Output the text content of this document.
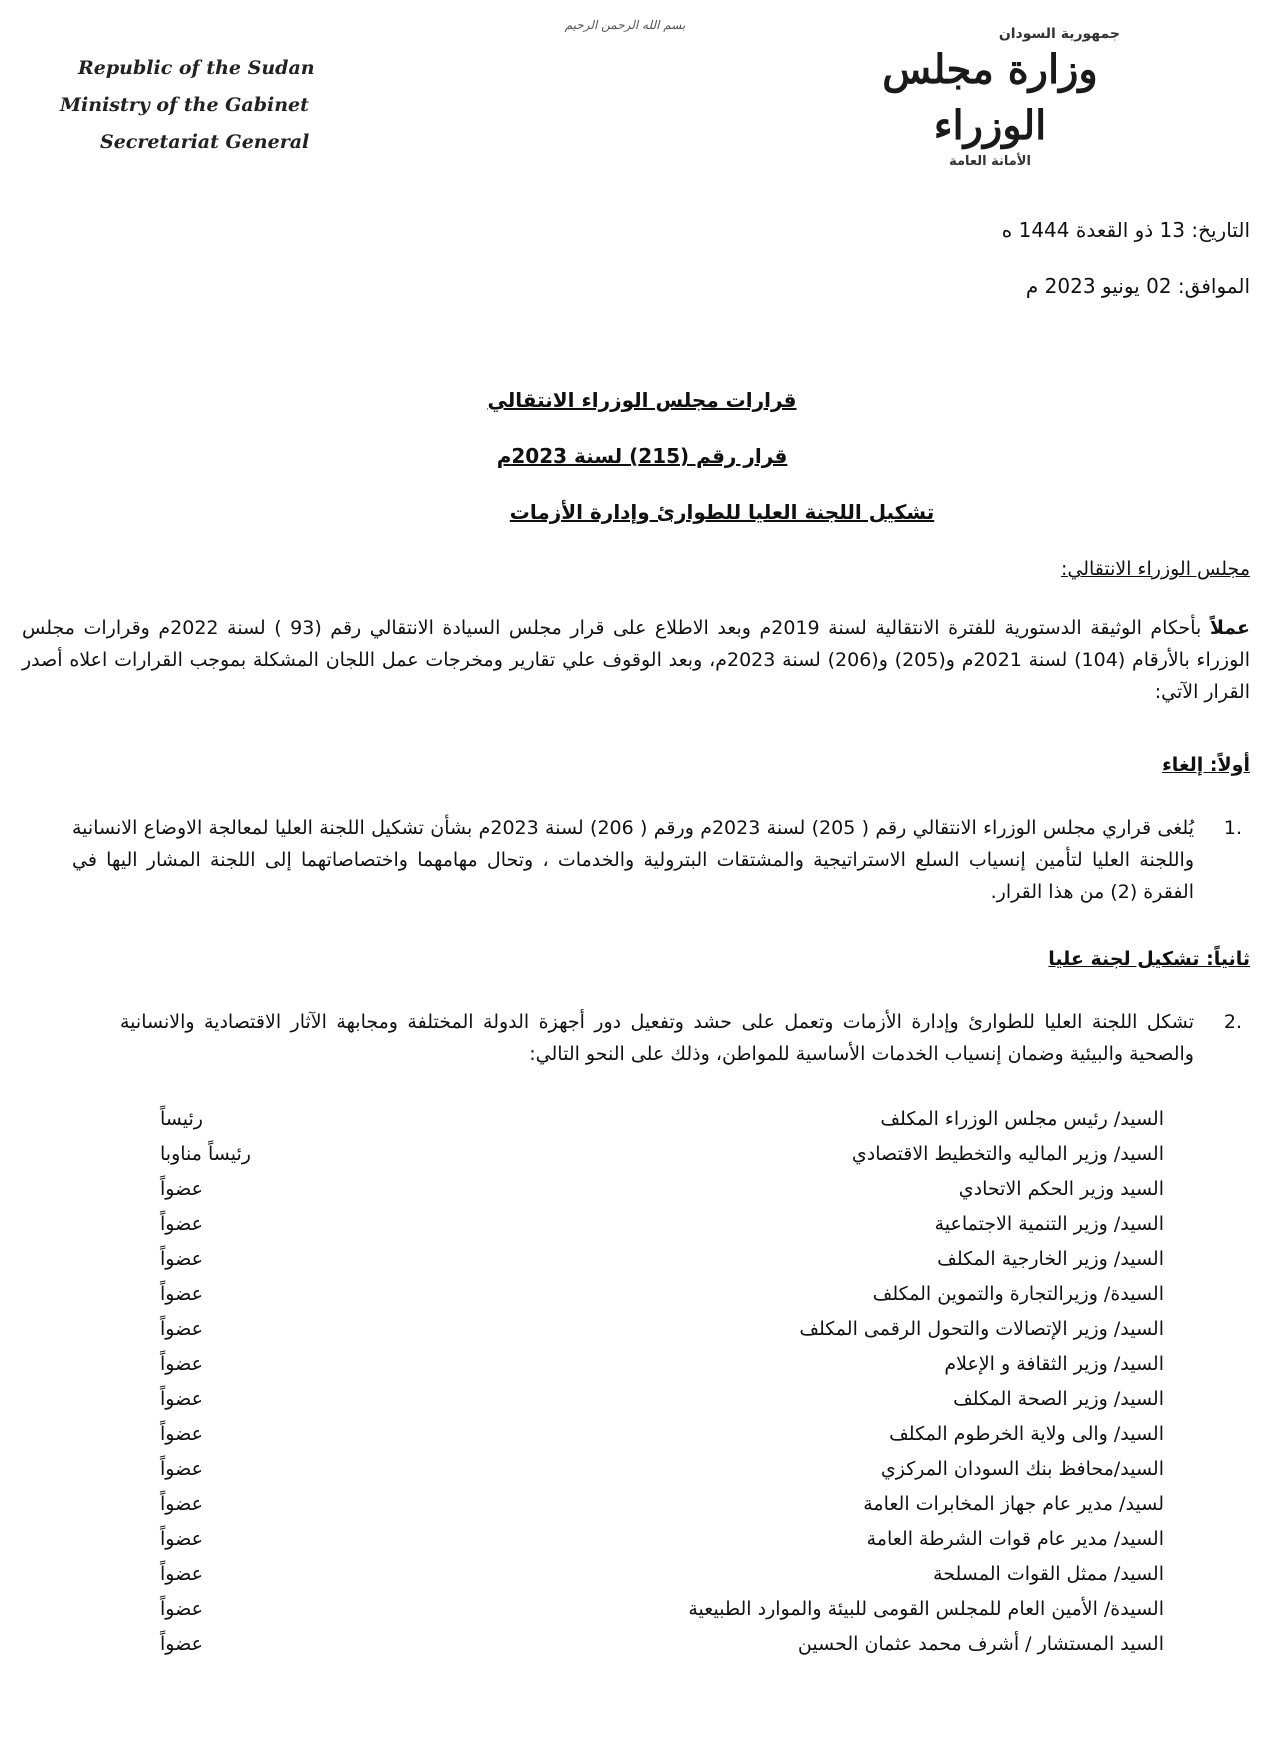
Republic of the Sudan
Ministry of the Gabinet
Secretariat General
بسم الله الرحمن الرحيم
جمهورية السودان
وزارة مجلس الوزراء
الأمانة العامة
التاريخ: 13 ذو القعدة 1444 ه
الموافق: 02 يونيو 2023 م
قرارات مجلس الوزراء الانتقالي
قرار رقم (215) لسنة 2023م
تشكيل اللجنة العليا للطوارئ وإدارة الأزمات
مجلس الوزراء الانتقالي:
عملاً بأحكام الوثيقة الدستورية للفترة الانتقالية لسنة 2019م وبعد الاطلاع على قرار مجلس السيادة الانتقالي رقم (93 ) لسنة 2022م وقرارات مجلس الوزراء بالأرقام (104) لسنة 2021م و(205) و(206) لسنة 2023م، وبعد الوقوف علي تقارير ومخرجات عمل اللجان المشكلة بموجب القرارات اعلاه أصدر القرار الآتي:
أولاً: إلغاء
.1
يُلغى قراري مجلس الوزراء الانتقالي رقم ( 205) لسنة 2023م ورقم ( 206) لسنة 2023م بشأن تشكيل اللجنة العليا لمعالجة الاوضاع الانسانية واللجنة العليا لتأمين إنسياب السلع الاستراتيجية والمشتقات البترولية والخدمات ، وتحال مهامهما واختصاصاتهما إلى اللجنة المشار اليها في الفقرة (2) من هذا القرار.
ثانياً: تشكيل لجنة عليا
.2
تشكل اللجنة العليا للطوارئ وإدارة الأزمات وتعمل على حشد وتفعيل دور أجهزة الدولة المختلفة ومجابهة الآثار الاقتصادية والانسانية والصحية والبيئية وضمان إنسياب الخدمات الأساسية للمواطن، وذلك على النحو التالي:
السيد/ رئيس مجلس الوزراء المكلف
رئيساً
السيد/ وزير الماليه والتخطيط الاقتصادي
رئيساً مناوبا
السيد وزير الحكم الاتحادي
عضواً
السيد/ وزير التنمية الاجتماعية
عضواً
السيد/ وزير الخارجية المكلف
عضواً
السيدة/ وزيرالتجارة والتموين المكلف
عضواً
السيد/ وزير الإتصالات والتحول الرقمى المكلف
عضواً
السيد/ وزير الثقافة و الإعلام
عضواً
السيد/ وزير الصحة المكلف
عضواً
السيد/ والى ولاية الخرطوم المكلف
عضواً
السيد/محافظ بنك السودان المركزي
عضواً
لسيد/ مدير عام جهاز المخابرات العامة
عضواً
السيد/ مدير عام قوات الشرطة العامة
عضواً
السيد/ ممثل القوات المسلحة
عضواً
السيدة/ الأمين العام للمجلس القومى للبيئة والموارد الطبيعية
عضواً
السيد المستشار / أشرف محمد عثمان الحسين
عضواً
